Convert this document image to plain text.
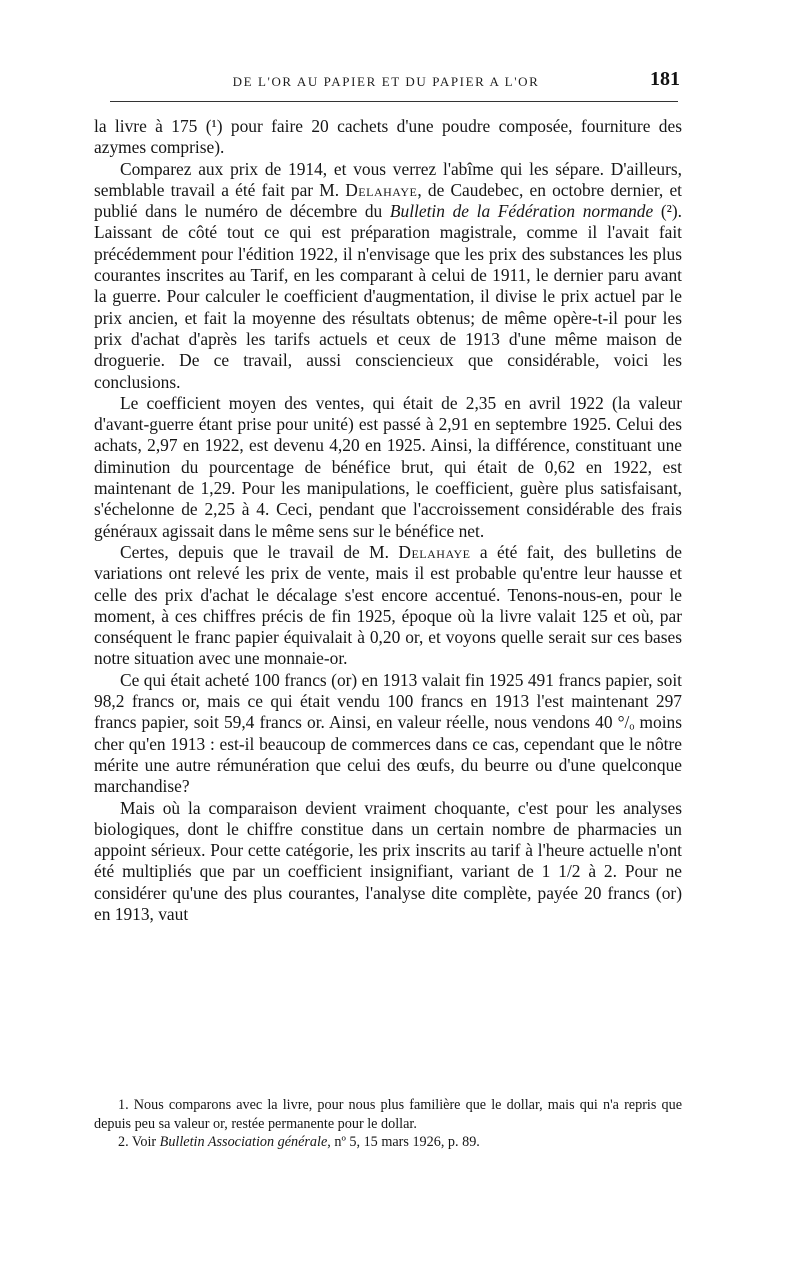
DE L'OR AU PAPIER ET DU PAPIER A L'OR	181

la livre à 175 (¹) pour faire 20 cachets d'une poudre composée, fourniture des azymes comprise).

Comparez aux prix de 1914, et vous verrez l'abîme qui les sépare. D'ailleurs, semblable travail a été fait par M. Delahaye, de Caudebec, en octobre dernier, et publié dans le numéro de décembre du Bulletin de la Fédération normande (²). Laissant de côté tout ce qui est préparation magistrale, comme il l'avait fait précédemment pour l'édition 1922, il n'envisage que les prix des substances les plus courantes inscrites au Tarif, en les comparant à celui de 1911, le dernier paru avant la guerre. Pour calculer le coefficient d'augmentation, il divise le prix actuel par le prix ancien, et fait la moyenne des résultats obtenus; de même opère-t-il pour les prix d'achat d'après les tarifs actuels et ceux de 1913 d'une même maison de droguerie. De ce travail, aussi consciencieux que considérable, voici les conclusions.

Le coefficient moyen des ventes, qui était de 2,35 en avril 1922 (la valeur d'avant-guerre étant prise pour unité) est passé à 2,91 en septembre 1925. Celui des achats, 2,97 en 1922, est devenu 4,20 en 1925. Ainsi, la différence, constituant une diminution du pourcentage de bénéfice brut, qui était de 0,62 en 1922, est maintenant de 1,29. Pour les manipulations, le coefficient, guère plus satisfaisant, s'échelonne de 2,25 à 4. Ceci, pendant que l'accroissement considérable des frais généraux agissait dans le même sens sur le bénéfice net.

Certes, depuis que le travail de M. Delahaye a été fait, des bulletins de variations ont relevé les prix de vente, mais il est probable qu'entre leur hausse et celle des prix d'achat le décalage s'est encore accentué. Tenons-nous-en, pour le moment, à ces chiffres précis de fin 1925, époque où la livre valait 125 et où, par conséquent le franc papier équivalait à 0,20 or, et voyons quelle serait sur ces bases notre situation avec une monnaie-or.

Ce qui était acheté 100 francs (or) en 1913 valait fin 1925 491 francs papier, soit 98,2 francs or, mais ce qui était vendu 100 francs en 1913 l'est maintenant 297 francs papier, soit 59,4 francs or. Ainsi, en valeur réelle, nous vendons 40 °/ₒ moins cher qu'en 1913 : est-il beaucoup de commerces dans ce cas, cependant que le nôtre mérite une autre rémunération que celui des œufs, du beurre ou d'une quelconque marchandise?

Mais où la comparaison devient vraiment choquante, c'est pour les analyses biologiques, dont le chiffre constitue dans un certain nombre de pharmacies un appoint sérieux. Pour cette catégorie, les prix inscrits au tarif à l'heure actuelle n'ont été multipliés que par un coefficient insignifiant, variant de 1 1/2 à 2. Pour ne considérer qu'une des plus courantes, l'analyse dite complète, payée 20 francs (or) en 1913, vaut

1. Nous comparons avec la livre, pour nous plus familière que le dollar, mais qui n'a repris que depuis peu sa valeur or, restée permanente pour le dollar.

2. Voir Bulletin Association générale, nº 5, 15 mars 1926, p. 89.
